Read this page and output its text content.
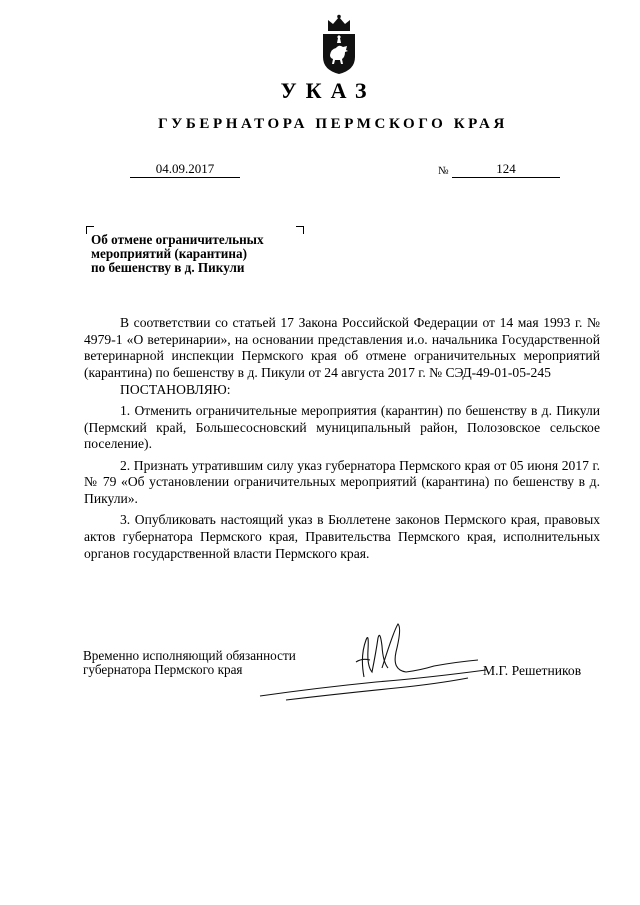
УКАЗ
ГУБЕРНАТОРА ПЕРМСКОГО КРАЯ
04.09.2017	№	124
Об отмене ограничительных
мероприятий (карантина)
по бешенству в д. Пикули

В соответствии со статьей 17 Закона Российской Федерации от 14 мая 1993 г. № 4979-1 «О ветеринарии», на основании представления и.о. начальника Государственной ветеринарной инспекции Пермского края об отмене ограничительных мероприятий (карантина) по бешенству в д. Пикули от 24 августа 2017 г. № СЭД-49-01-05-245

ПОСТАНОВЛЯЮ:

1. Отменить ограничительные мероприятия (карантин) по бешенству в д. Пикули (Пермский край, Большесосновский муниципальный район, Полозовское сельское поселение).

2. Признать утратившим силу указ губернатора Пермского края от 05 июня 2017 г. № 79 «Об установлении ограничительных мероприятий (карантина) по бешенству в д. Пикули».

3. Опубликовать настоящий указ в Бюллетене законов Пермского края, правовых актов губернатора Пермского края, Правительства Пермского края, исполнительных органов государственной власти Пермского края.

Временно исполняющий обязанности
губернатора Пермского края	М.Г. Решетников
